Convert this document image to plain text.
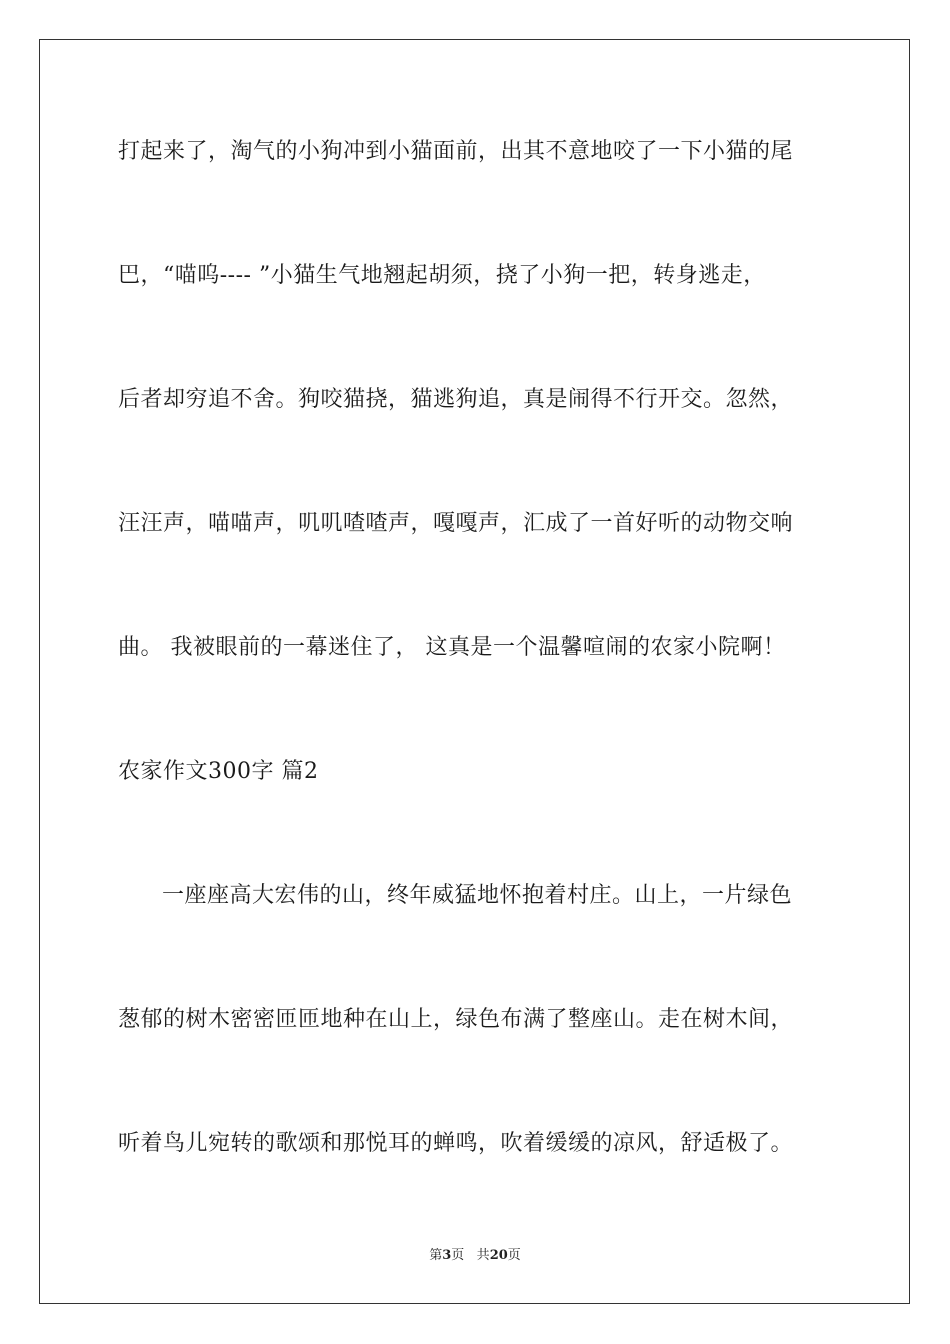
打起来了，淘气的小狗冲到小猫面前，出其不意地咬了一下小猫的尾
巴，“喵呜---- ”小猫生气地翘起胡须，挠了小狗一把，转身逃走，
后者却穷追不舍。狗咬猫挠，猫逃狗追，真是闹得不行开交。忽然，
汪汪声，喵喵声，叽叽喳喳声，嘎嘎声，汇成了一首好听的动物交响
曲。 我被眼前的一幕迷住了， 这真是一个温馨喧闹的农家小院啊！
农家作文300字 篇2
一座座高大宏伟的山，终年威猛地怀抱着村庄。山上，一片绿色
葱郁的树木密密匝匝地种在山上，绿色布满了整座山。走在树木间，
听着鸟儿宛转的歌颂和那悦耳的蝉鸣，吹着缓缓的凉风，舒适极了。
第3页 共20页
